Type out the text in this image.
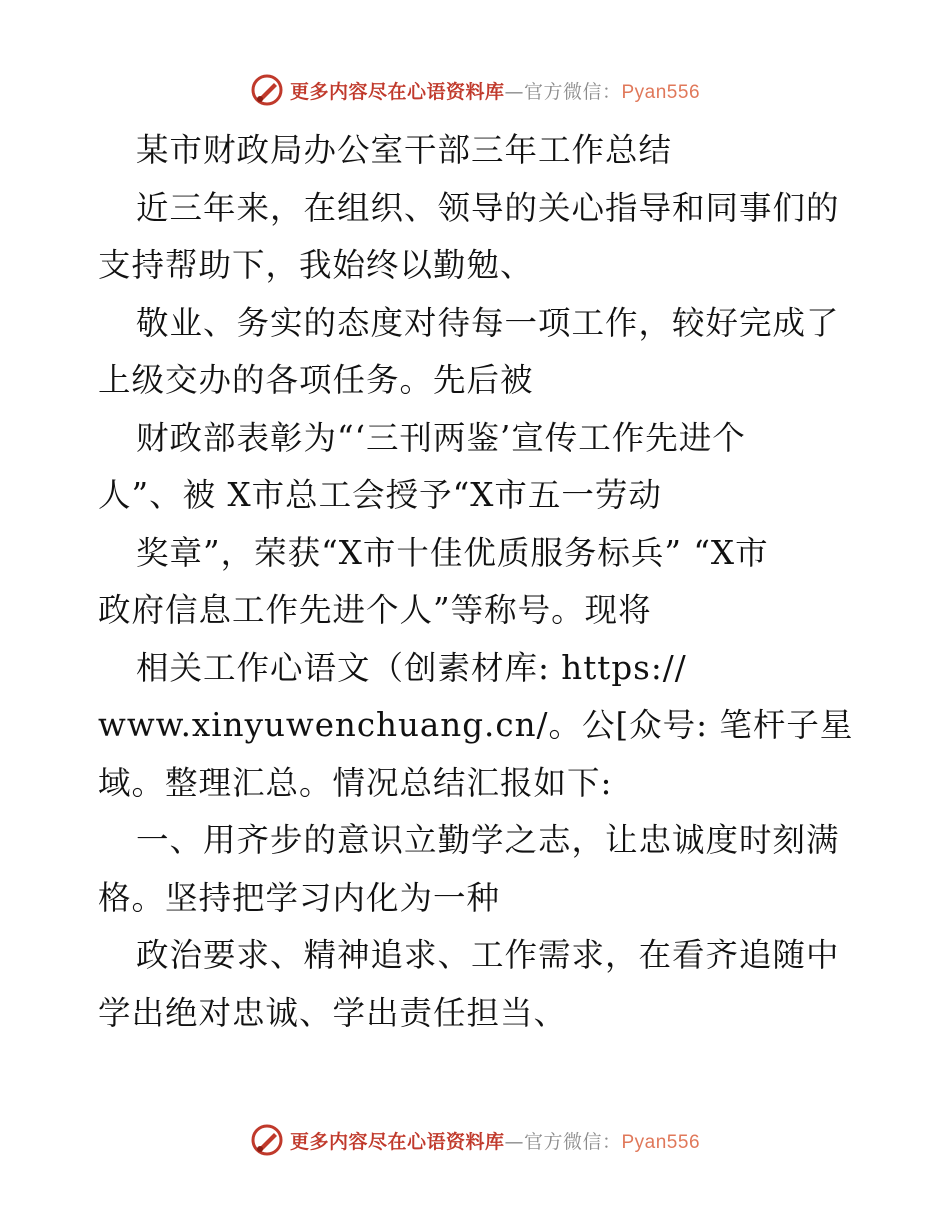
更多内容尽在心语资料库—官方微信：Pyan556
某市财政局办公室干部三年工作总结
近三年来，在组织、领导的关心指导和同事们的
支持帮助下，我始终以勤勉、
敬业、务实的态度对待每一项工作，较好完成了
上级交办的各项任务。先后被
财政部表彰为“‘三刊两鉴’宣传工作先进个
人”、被 X市总工会授予“X市五一劳动
奖章”，荣获“X市十佳优质服务标兵” “X市
政府信息工作先进个人”等称号。现将
相关工作心语文（创素材库: https://
www.xinyuwenchuang.cn/。公[众号: 笔杆子星
域。整理汇总。情况总结汇报如下:
一、用齐步的意识立勤学之志，让忠诚度时刻满
格。坚持把学习内化为一种
政治要求、精神追求、工作需求，在看齐追随中
学出绝对忠诚、学出责任担当、
更多内容尽在心语资料库—官方微信：Pyan556
